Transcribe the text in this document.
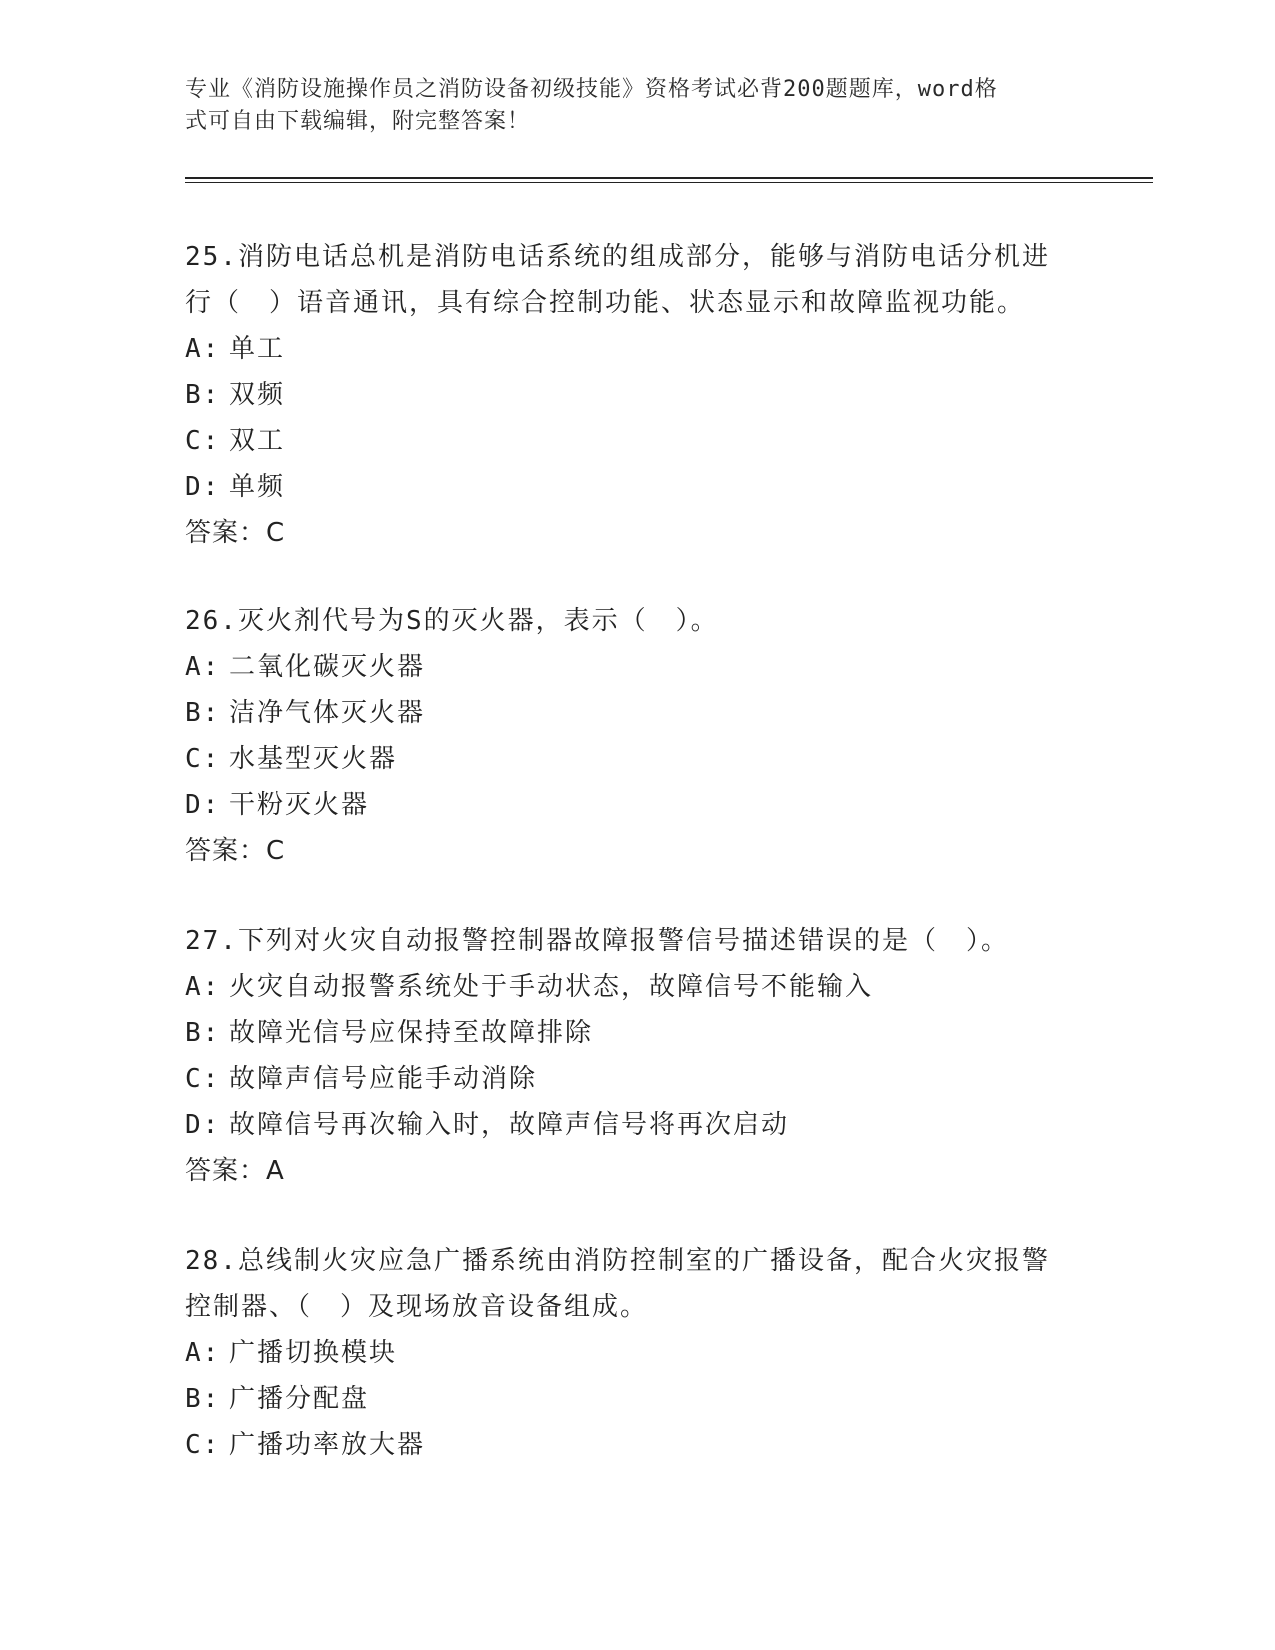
专业《消防设施操作员之消防设备初级技能》资格考试必背200题题库，word格
式可自由下载编辑，附完整答案！

25.消防电话总机是消防电话系统的组成部分，能够与消防电话分机进

行（　）语音通讯，具有综合控制功能、状态显示和故障监视功能。

A: 单工

B: 双频

C: 双工

D: 单频

答案：C

26.灭火剂代号为S的灭火器，表示（　）。

A: 二氧化碳灭火器

B: 洁净气体灭火器

C: 水基型灭火器

D: 干粉灭火器

答案：C

27.下列对火灾自动报警控制器故障报警信号描述错误的是（　）。

A: 火灾自动报警系统处于手动状态，故障信号不能输入

B: 故障光信号应保持至故障排除

C: 故障声信号应能手动消除

D: 故障信号再次输入时，故障声信号将再次启动

答案：A

28.总线制火灾应急广播系统由消防控制室的广播设备，配合火灾报警

控制器、（　）及现场放音设备组成。

A: 广播切换模块

B: 广播分配盘

C: 广播功率放大器
